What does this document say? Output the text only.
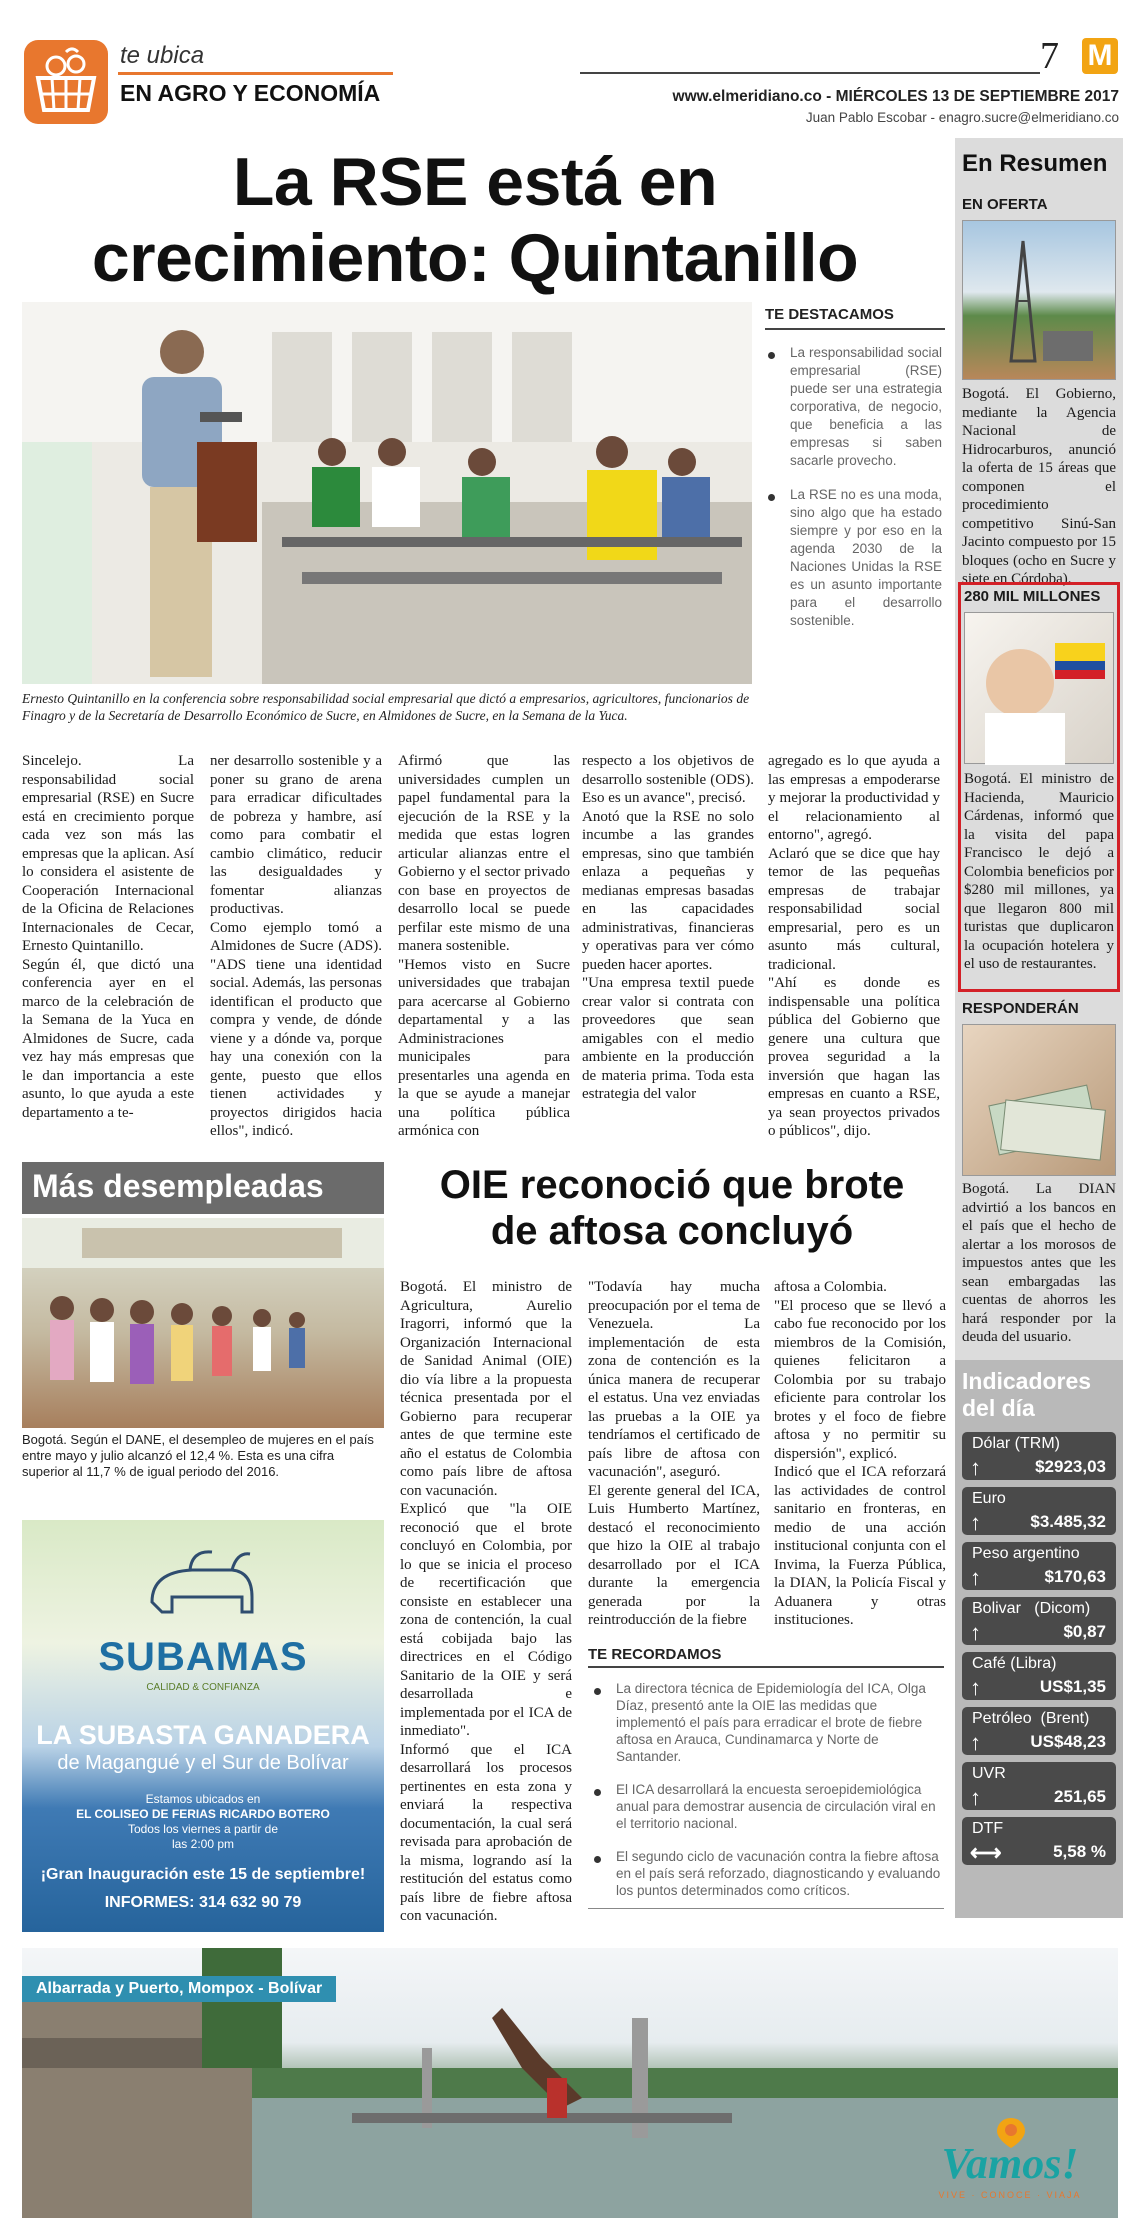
te ubica
EN AGRO Y ECONOMÍA
7 M
www.elmeridiano.co - MIÉRCOLES 13 DE SEPTIEMBRE 2017
Juan Pablo Escobar - enagro.sucre@elmeridiano.co
La RSE está en
crecimiento: Quintanillo
Ernesto Quintanillo en la conferencia sobre responsabilidad social empresarial que dictó a empresarios, agricultores, funcionarios de Finagro y de la Secretaría de Desarrollo Económico de Sucre, en Almidones de Sucre, en la Semana de la Yuca.
TE DESTACAMOS
La responsabilidad social empresarial (RSE) puede ser una estrategia corporativa, de negocio, que beneficia a las empresas si saben sacarle provecho.
La RSE no es una moda, sino algo que ha estado siempre y por eso en la agenda 2030 de la Naciones Unidas la RSE es un asunto importante para el desarrollo sostenible.

Sincelejo. La responsabilidad social empresarial (RSE) en Sucre está en crecimiento porque cada vez son más las empresas que la aplican. Así lo considera el asistente de Cooperación Internacional de la Oficina de Relaciones Internacionales de Cecar, Ernesto Quintanillo.
Según él, que dictó una conferencia ayer en el marco de la celebración de la Semana de la Yuca en Almidones de Sucre, cada vez hay más empresas que le dan importancia a este asunto, lo que ayuda a este departamento a te-

ner desarrollo sostenible y a poner su grano de arena para erradicar dificultades de pobreza y hambre, así como para combatir el cambio climático, reducir las desigualdades y fomentar alianzas productivas.
Como ejemplo tomó a Almidones de Sucre (ADS). "ADS tiene una identidad social. Además, las personas identifican el producto que compra y vende, de dónde viene y a dónde va, porque hay una conexión con la gente, puesto que ellos tienen actividades y proyectos dirigidos hacia ellos", indicó.

Afirmó que las universidades cumplen un papel fundamental para la ejecución de la RSE y la medida que estas logren articular alianzas entre el Gobierno y el sector privado con base en proyectos de desarrollo local se puede perfilar este mismo de una manera sostenible.
"Hemos visto en Sucre universidades que trabajan para acercarse al Gobierno departamental y a las Administraciones municipales para presentarles una agenda en la que se ayude a manejar una política pública armónica con

respecto a los objetivos de desarrollo sostenible (ODS). Eso es un avance", precisó.
Anotó que la RSE no solo incumbe a las grandes empresas, sino que también enlaza a pequeñas y medianas empresas basadas en las capacidades administrativas, financieras y operativas para ver cómo pueden hacer aportes.
"Una empresa textil puede crear valor si contrata con proveedores que sean amigables con el medio ambiente en la producción de materia prima. Toda esta estrategia del valor

agregado es lo que ayuda a las empresas a empoderarse y mejorar la productividad y el relacionamiento al entorno", agregó.
Aclaró que se dice que hay temor de las pequeñas empresas de trabajar responsabilidad social empresarial, pero es un asunto más cultural, tradicional.
"Ahí es donde es indispensable una política pública del Gobierno que genere una cultura que provea seguridad a la inversión que hagan las empresas en cuanto a RSE, ya sean proyectos privados o públicos", dijo.

En Resumen
EN OFERTA
Bogotá. El Gobierno, mediante la Agencia Nacional de Hidrocarburos, anunció la oferta de 15 áreas que componen el procedimiento competitivo Sinú-San Jacinto compuesto por 15 bloques (ocho en Sucre y siete en Córdoba).
280 MIL MILLONES
Bogotá. El ministro de Hacienda, Mauricio Cárdenas, informó que la visita del papa Francisco le dejó a Colombia beneficios por $280 mil millones, ya que llegaron 800 mil turistas que duplicaron la ocupación hotelera y el uso de restaurantes.
RESPONDERÁN
Bogotá. La DIAN advirtió a los bancos en el país que el hecho de alertar a los morosos de impuestos antes que les sean embargadas las cuentas de ahorros les hará responder por la deuda del usuario.
Indicadores
del día
Dólar (TRM)
↑	$2923,03
Euro
↑	$3.485,32
Peso argentino
↑	$170,63
Bolivar   (Dicom)
↑	$0,87
Café (Libra)
↑	US$1,35
Petróleo  (Brent)
↑	US$48,23
UVR
↑	251,65
DTF
⟷	5,58 %
Más desempleadas
Bogotá. Según el DANE, el desempleo de mujeres en el país entre mayo y julio alcanzó el 12,4 %. Esta es una cifra superior al 11,7 % de igual periodo del 2016.
SUBAMAS
CALIDAD & CONFIANZA
LA SUBASTA GANADERA
de Magangué y el Sur de Bolívar
Estamos ubicados en
EL COLISEO DE FERIAS RICARDO BOTERO
Todos los viernes a partir de
las 2:00 pm
¡Gran Inauguración este 15 de septiembre!
INFORMES: 314 632 90 79
OIE reconoció que brote
de aftosa concluyó

Bogotá. El ministro de Agricultura, Aurelio Iragorri, informó que la Organización Internacional de Sanidad Animal (OIE) dio vía libre a la propuesta técnica presentada por el Gobierno para recuperar antes de que termine este año el estatus de Colombia como país libre de aftosa con vacunación.
Explicó que "la OIE reconoció que el brote concluyó en Colombia, por lo que se inicia el proceso de recertificación que consiste en establecer una zona de contención, la cual está cobijada bajo las directrices en el Código Sanitario de la OIE y será desarrollada e implementada por el ICA de inmediato".
Informó que el ICA desarrollará los procesos pertinentes en esta zona y enviará la respectiva documentación, la cual será revisada para aprobación de la misma, logrando así la restitución del estatus como país libre de fiebre aftosa con vacunación.

"Todavía hay mucha preocupación por el tema de Venezuela. La implementación de esta zona de contención es la única manera de recuperar el estatus. Una vez enviadas las pruebas a la OIE ya tendríamos el certificado de país libre de aftosa con vacunación", aseguró.
El gerente general del ICA, Luis Humberto Martínez, destacó el reconocimiento que hizo la OIE al trabajo desarrollado por el ICA durante la emergencia generada por la reintroducción de la fiebre

aftosa a Colombia.
"El proceso que se llevó a cabo fue reconocido por los miembros de la Comisión, quienes felicitaron a Colombia por su trabajo eficiente para controlar los brotes y el foco de fiebre aftosa y no permitir su dispersión", explicó.
Indicó que el ICA reforzará las actividades de control sanitario en fronteras, en medio de una acción institucional conjunta con el Invima, la Fuerza Pública, la DIAN, la Policía Fiscal y Aduanera y otras instituciones.

TE RECORDAMOS
La directora técnica de Epidemiología del ICA, Olga Díaz, presentó ante la OIE las medidas que implementó el país para erradicar el brote de fiebre aftosa en Arauca, Cundinamarca y Norte de Santander.
El ICA desarrollará la encuesta seroepidemiológica anual para demostrar ausencia de circulación viral en el territorio nacional.
El segundo ciclo de vacunación contra la fiebre aftosa en el país será reforzado, diagnosticando y evaluando los puntos determinados como críticos.
Albarrada y Puerto, Mompox - Bolívar
Vamos!
VIVE · CONOCE · VIAJA
